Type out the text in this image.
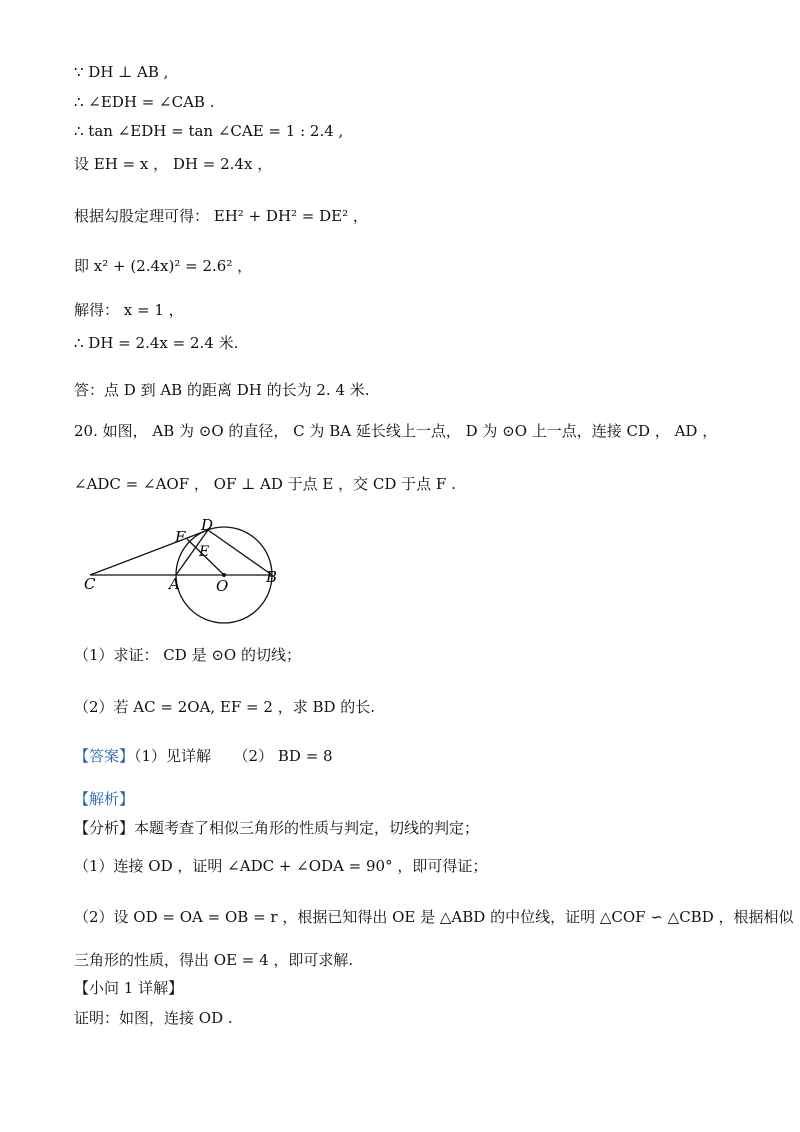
∵ DH ⊥ AB ,
∴ ∠EDH = ∠CAB .
∴ tan ∠EDH = tan ∠CAE = 1 : 2.4 ,
设 EH = x ， DH = 2.4x ，
根据勾股定理可得： EH² + DH² = DE² ，
即 x² + (2.4x)² = 2.6² ，
解得： x = 1 ，
∴ DH = 2.4x = 2.4 米.
答：点 D 到 AB 的距离 DH 的长为 2. 4 米.
20. 如图， AB 为 ⊙O 的直径， C 为 BA 延长线上一点， D 为 ⊙O 上一点，连接 CD ， AD ，
∠ADC = ∠AOF ， OF ⊥ AD 于点 E ，交 CD 于点 F .
C	A O	B
D
F
E
（1）求证： CD 是 ⊙O 的切线；
（2）若 AC = 2OA, EF = 2 ，求 BD 的长.
【答案】（1）见详解　　（2） BD = 8
【解析】
【分析】本题考查了相似三角形的性质与判定，切线的判定；
（1）连接 OD ，证明 ∠ADC + ∠ODA = 90° ，即可得证；
（2）设 OD = OA = OB = r ，根据已知得出 OE 是 △ABD 的中位线，证明 △COF ∽ △CBD ，根据相似
三角形的性质，得出 OE = 4 ，即可求解.
【小问 1 详解】
证明：如图，连接 OD .
